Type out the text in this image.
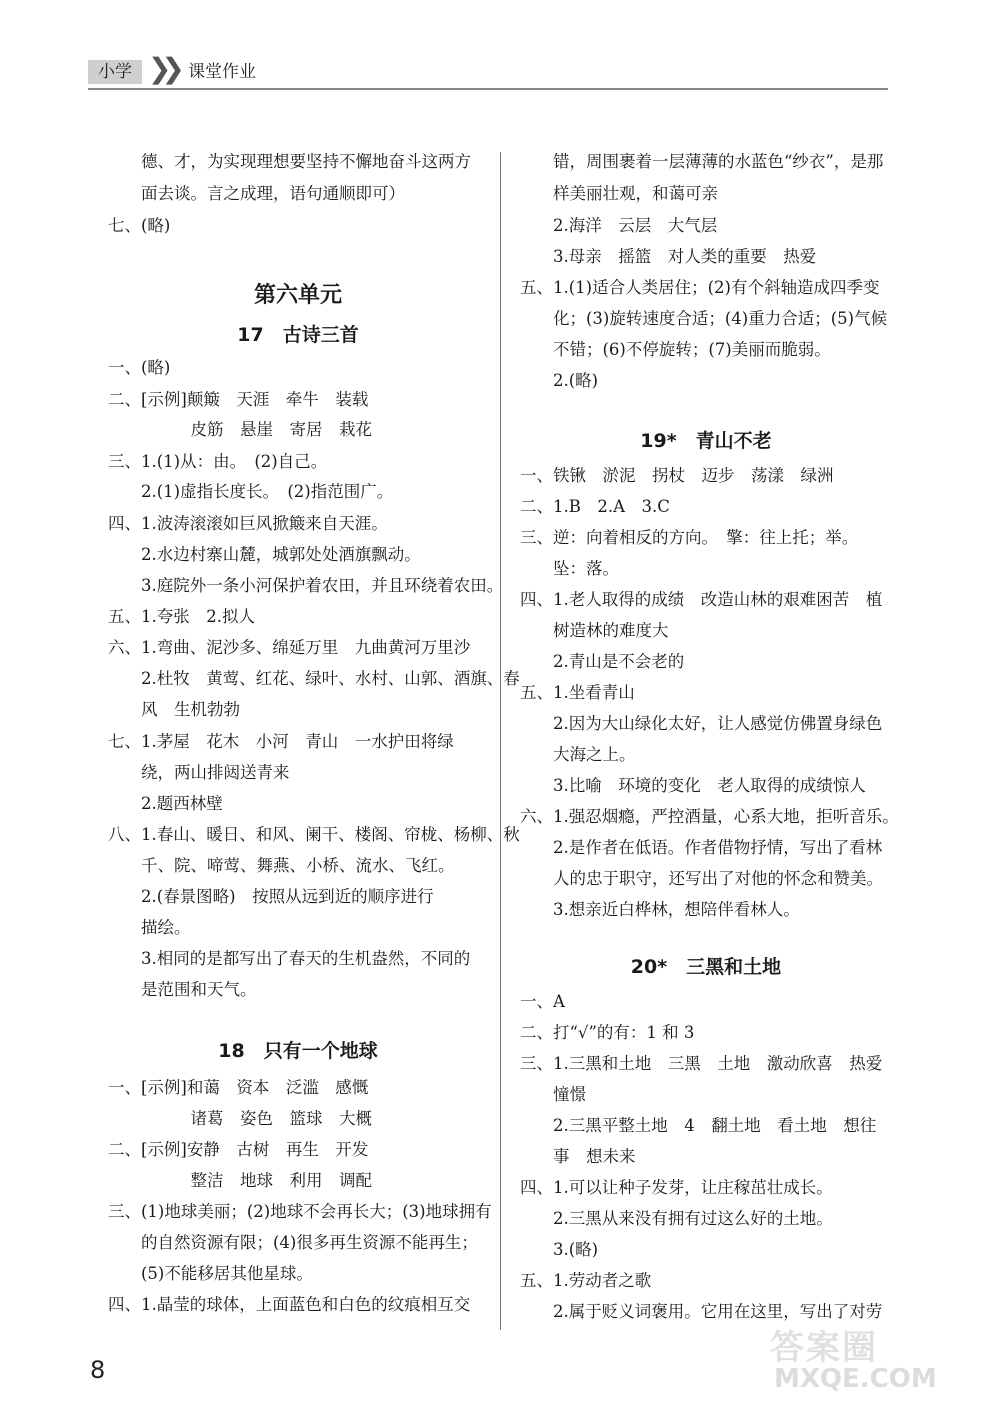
小学 ❯❯ 课堂作业
　　德、才，为实现理想要坚持不懈地奋斗这两方
　　面去谈。言之成理，语句通顺即可）
七、(略)
第六单元
17　古诗三首
一、(略)
二、[示例]颠簸　天涯　牵牛　装载
　　　　　皮筋　悬崖　寄居　栽花
三、1.(1)从：由。　(2)自己。
　　2.(1)虚指长度长。　(2)指范围广。
四、1.波涛滚滚如巨风掀簸来自天涯。
　　2.水边村寨山麓，城郭处处酒旗飘动。
　　3.庭院外一条小河保护着农田，并且环绕着农田。
五、1.夸张　2.拟人
六、1.弯曲、泥沙多、绵延万里　九曲黄河万里沙
　　2.杜牧　黄莺、红花、绿叶、水村、山郭、酒旗、春
　　风　生机勃勃
七、1.茅屋　花木　小河　青山　一水护田将绿
　　绕，两山排闼送青来
　　2.题西林壁
八、1.春山、暖日、和风、阑干、楼阁、帘栊、杨柳、秋
　　千、院、啼莺、舞燕、小桥、流水、飞红。
　　2.(春景图略)　按照从远到近的顺序进行
　　描绘。
　　3.相同的是都写出了春天的生机盎然，不同的
　　是范围和天气。
18　只有一个地球
一、[示例]和蔼　资本　泛滥　感慨
　　　　　诸葛　姿色　篮球　大概
二、[示例]安静　古树　再生　开发
　　　　　整洁　地球　利用　调配
三、(1)地球美丽；(2)地球不会再长大；(3)地球拥有
　　的自然资源有限；(4)很多再生资源不能再生；
　　(5)不能移居其他星球。
四、1.晶莹的球体，上面蓝色和白色的纹痕相互交
　　错，周围裹着一层薄薄的水蓝色“纱衣”，是那
　　样美丽壮观，和蔼可亲
　　2.海洋　云层　大气层
　　3.母亲　摇篮　对人类的重要　热爱
五、1.(1)适合人类居住；(2)有个斜轴造成四季变
　　化；(3)旋转速度合适；(4)重力合适；(5)气候
　　不错；(6)不停旋转；(7)美丽而脆弱。
　　2.(略)
19*　青山不老
一、铁锹　淤泥　拐杖　迈步　荡漾　绿洲
二、1.B　2.A　3.C
三、逆：向着相反的方向。　擎：往上托；举。
　　坠：落。
四、1.老人取得的成绩　改造山林的艰难困苦　植
　　树造林的难度大
　　2.青山是不会老的
五、1.坐看青山
　　2.因为大山绿化太好，让人感觉仿佛置身绿色
　　大海之上。
　　3.比喻　环境的变化　老人取得的成绩惊人
六、1.强忍烟瘾，严控酒量，心系大地，拒听音乐。
　　2.是作者在低语。作者借物抒情，写出了看林
　　人的忠于职守，还写出了对他的怀念和赞美。
　　3.想亲近白桦林，想陪伴看林人。
20*　三黑和土地
一、A
二、打“√”的有：1 和 3
三、1.三黑和土地　三黑　土地　激动欣喜　热爱
　　憧憬
　　2.三黑平整土地　4　翻土地　看土地　想往
　　事　想未来
四、1.可以让种子发芽，让庄稼茁壮成长。
　　2.三黑从来没有拥有过这么好的土地。
　　3.(略)
五、1.劳动者之歌
　　2.属于贬义词褒用。它用在这里，写出了对劳
8
答案圈
MXQE.COM
